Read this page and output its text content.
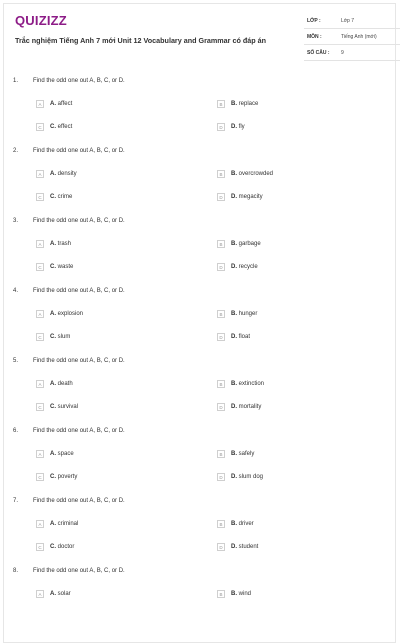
QUIZIZZ
Trắc nghiệm Tiếng Anh 7 mới Unit 12 Vocabulary and Grammar có đáp án
LỚP :	Lớp 7
MÔN :	Tiếng Anh (mới)
SỐ CÂU : 9
1. Find the odd one out A, B, C, or D.
A	A. affect	B	B. replace
C	C. effect	D	D. fly
2. Find the odd one out A, B, C, or D.
A	A. density	B	B. overcrowded
C	C. crime	D	D. megacity
3. Find the odd one out A, B, C, or D.
A	A. trash	B	B. garbage
C	C. waste	D	D. recycle
4. Find the odd one out A, B, C, or D.
A	A. explosion	B	B. hunger
C	C. slum	D	D. float
5. Find the odd one out A, B, C, or D.
A	A. death	B	B. extinction
C	C. survival	D	D. mortality
6. Find the odd one out A, B, C, or D.
A	A. space	B	B. safely
C	C. poverty	D	D. slum dog
7. Find the odd one out A, B, C, or D.
A	A. criminal	B	B. driver
C	C. doctor	D	D. student
8. Find the odd one out A, B, C, or D.
A	A. solar	B	B. wind
